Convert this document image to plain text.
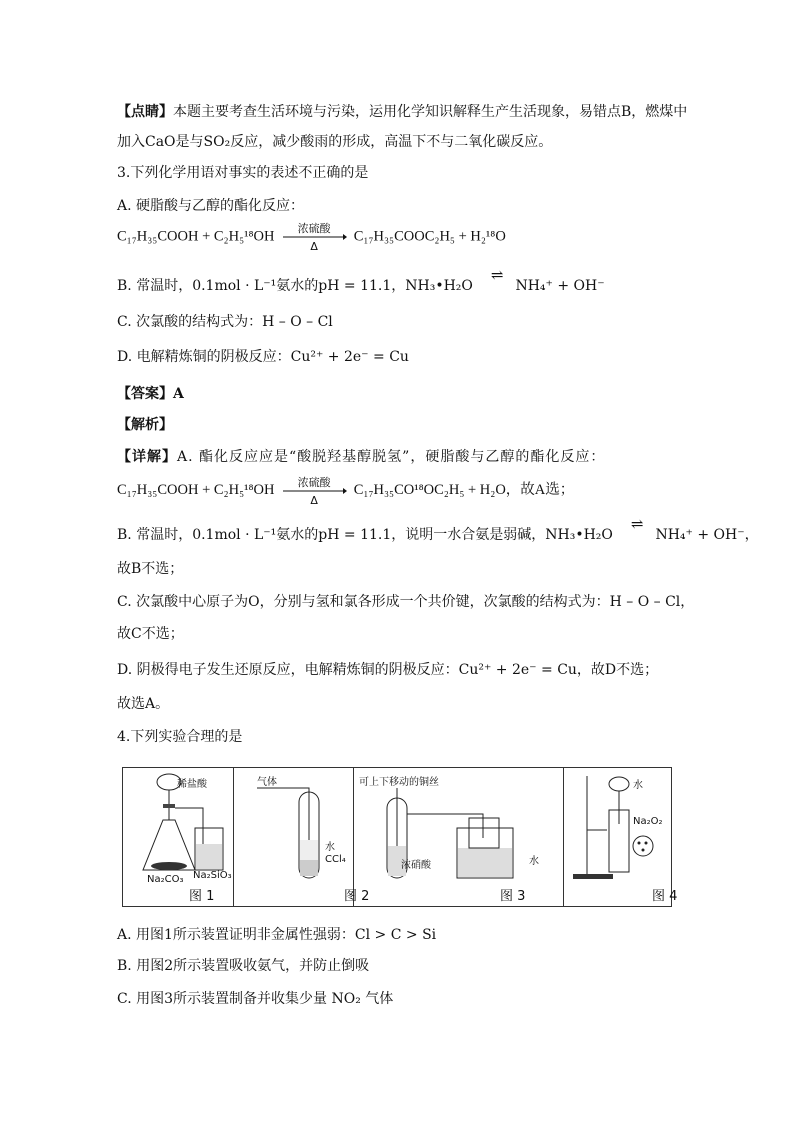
【点睛】本题主要考查生活环境与污染，运用化学知识解释生产生活现象，易错点B，燃煤中
加入CaO是与SO₂反应，减少酸雨的形成，高温下不与二氧化碳反应。
3.下列化学用语对事实的表述不正确的是
A. 硬脂酸与乙醇的酯化反应：
C₁₇H₃₅COOH + C₂H₅¹⁸OH	浓硫酸
Δ
C₁₇H₃₅COOC₂H₅ + H₂¹⁸O
B. 常温时，0.1mol · L⁻¹氨水的pH = 11.1，NH₃•H₂O⇌NH₄⁺ + OH⁻
C. 次氯酸的结构式为：H – O – Cl
D. 电解精炼铜的阴极反应：Cu²⁺ + 2e⁻ = Cu
【答案】A
【解析】
【详解】A. 酯化反应应是“酸脱羟基醇脱氢”，硬脂酸与乙醇的酯化反应：
C₁₇H₃₅COOH + C₂H₅¹⁸OH	浓硫酸
Δ
C₁₇H₃₅CO¹⁸OC₂H₅ + H₂O，故A选；
B. 常温时，0.1mol · L⁻¹氨水的pH = 11.1，说明一水合氨是弱碱，NH₃•H₂O⇌NH₄⁺ + OH⁻，
故B不选；
C. 次氯酸中心原子为O，分别与氢和氯各形成一个共价键，次氯酸的结构式为：H – O – Cl，
故C不选；
D. 阴极得电子发生还原反应，电解精炼铜的阴极反应：Cu²⁺ + 2e⁻ = Cu，故D不选；
故选A。
4.下列实验合理的是
稀盐酸
Na₂CO₃ Na₂SiO₃
气体
水
CCl₄
可上下移动的铜丝
浓硝酸	水
水
Na₂O₂
图 1	图 2	图 3	图 4
A. 用图1所示装置证明非金属性强弱：Cl > C > Si
B. 用图2所示装置吸收氨气，并防止倒吸
C. 用图3所示装置制备并收集少量 NO₂ 气体
